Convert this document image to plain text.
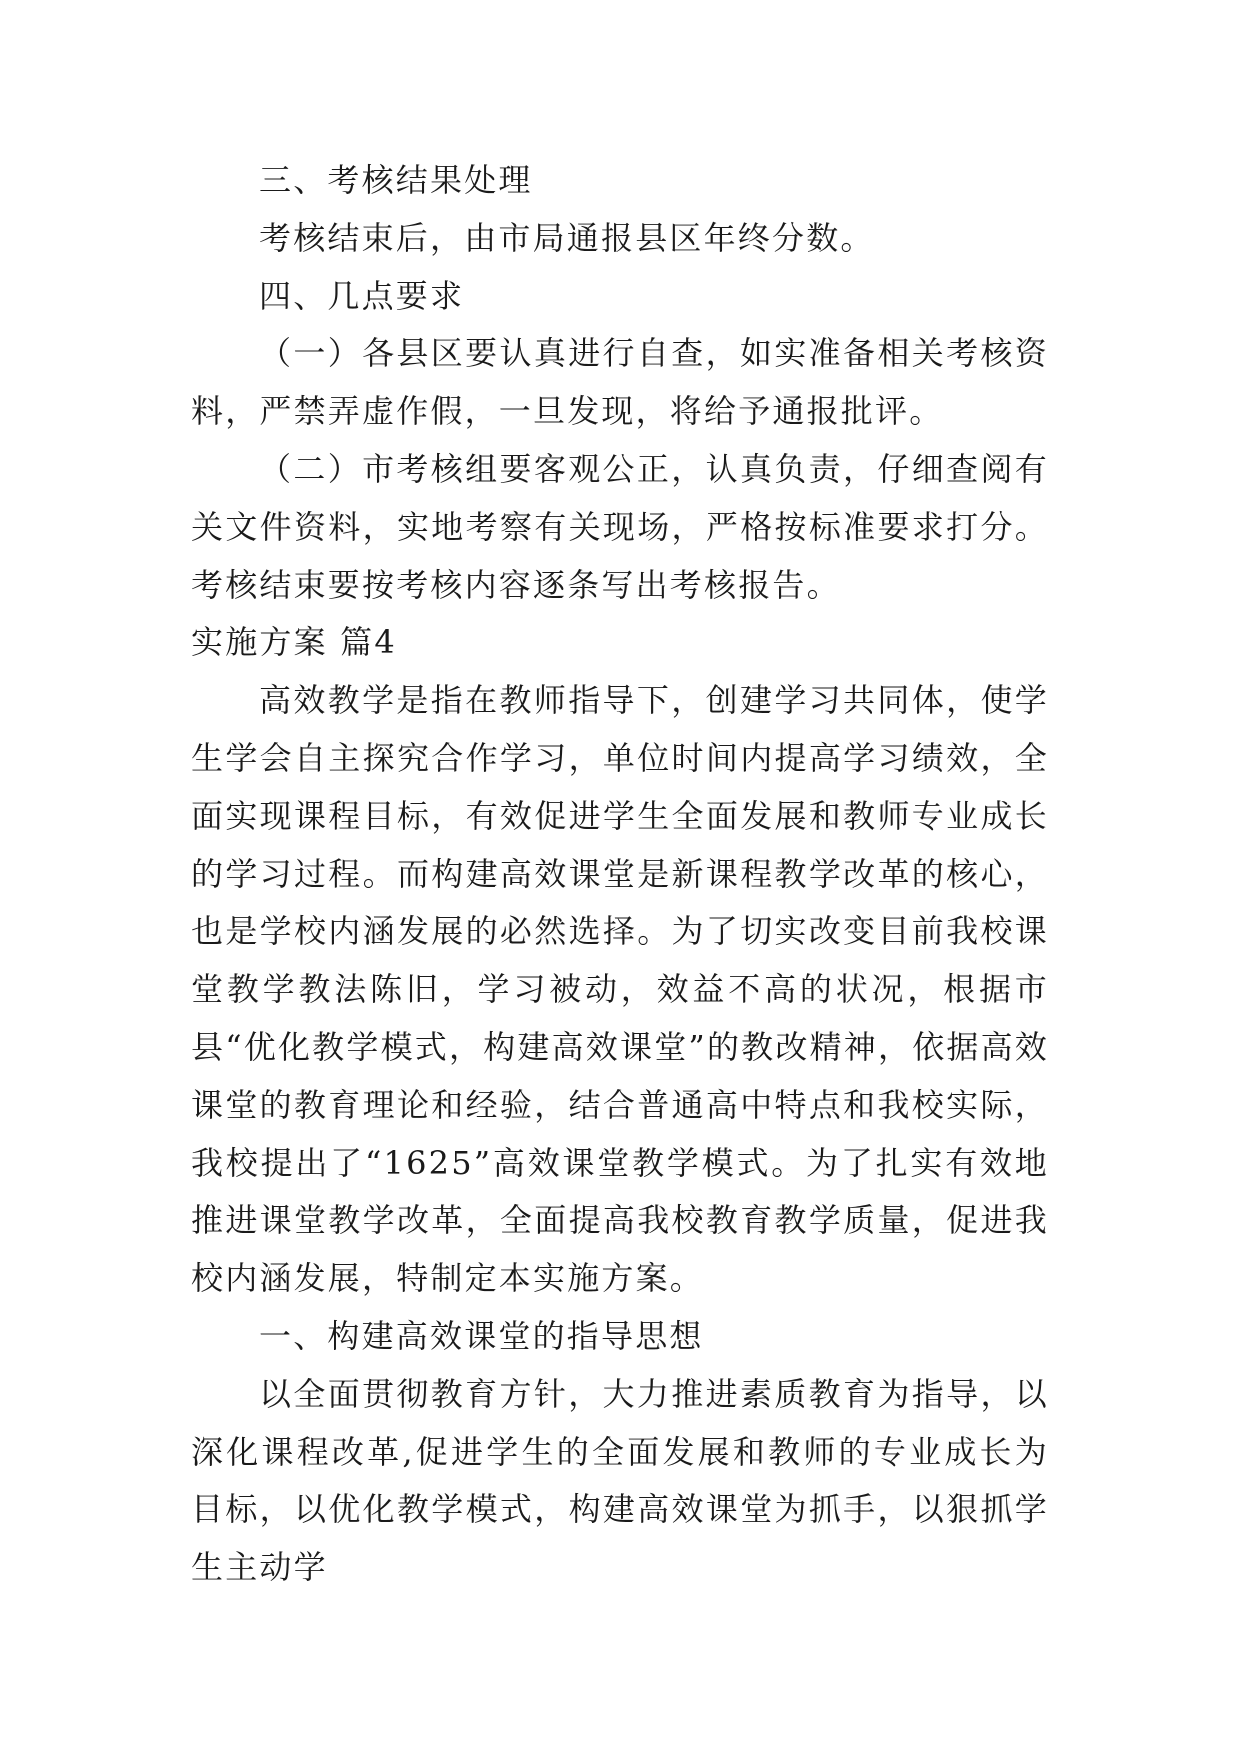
三、考核结果处理

考核结束后，由市局通报县区年终分数。

四、几点要求

（一）各县区要认真进行自查，如实准备相关考核资料，严禁弄虚作假，一旦发现，将给予通报批评。

（二）市考核组要客观公正，认真负责，仔细查阅有关文件资料，实地考察有关现场，严格按标准要求打分。考核结束要按考核内容逐条写出考核报告。

实施方案 篇4

高效教学是指在教师指导下，创建学习共同体，使学生学会自主探究合作学习，单位时间内提高学习绩效，全面实现课程目标，有效促进学生全面发展和教师专业成长的学习过程。而构建高效课堂是新课程教学改革的核心，也是学校内涵发展的必然选择。为了切实改变目前我校课堂教学教法陈旧，学习被动，效益不高的状况，根据市县“优化教学模式，构建高效课堂”的教改精神，依据高效课堂的教育理论和经验，结合普通高中特点和我校实际，我校提出了“1625”高效课堂教学模式。为了扎实有效地推进课堂教学改革，全面提高我校教育教学质量，促进我校内涵发展，特制定本实施方案。

一、构建高效课堂的指导思想

以全面贯彻教育方针，大力推进素质教育为指导，以深化课程改革,促进学生的全面发展和教师的专业成长为目标，以优化教学模式，构建高效课堂为抓手，以狠抓学生主动学
